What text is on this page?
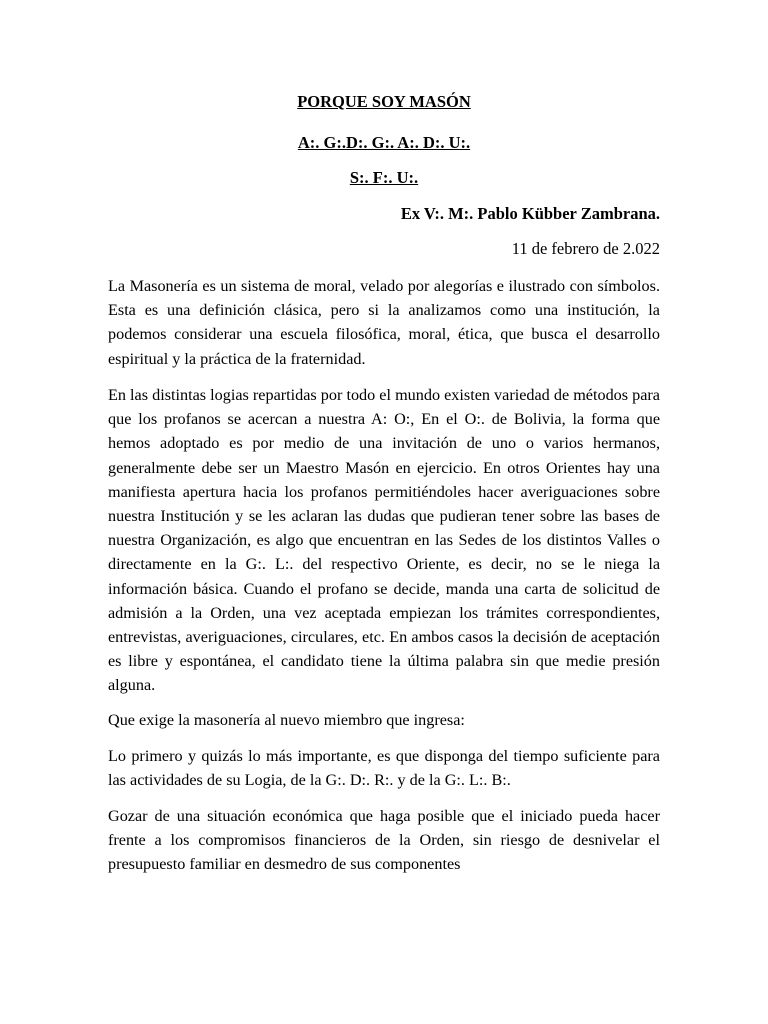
PORQUE SOY MASÓN
A:. G:.D:. G:. A:. D:. U:.
S:. F:. U:.
Ex V:. M:. Pablo Kübber Zambrana.
11 de febrero de 2.022

La Masonería es un sistema de moral, velado por alegorías e ilustrado con símbolos. Esta es una definición clásica, pero si la analizamos como una institución, la podemos considerar una escuela filosófica, moral, ética, que busca el desarrollo espiritual y la práctica de la fraternidad.

En las distintas logias repartidas por todo el mundo existen variedad de métodos para que los profanos se acercan a nuestra A: O:, En el O:. de Bolivia, la forma que hemos adoptado es por medio de una invitación de uno o varios hermanos, generalmente debe ser un Maestro Masón en ejercicio. En otros Orientes hay una manifiesta apertura hacia los profanos permitiéndoles hacer averiguaciones sobre nuestra Institución y se les aclaran las dudas que pudieran tener sobre las bases de nuestra Organización, es algo que encuentran en las Sedes de los distintos Valles o directamente en la G:. L:. del respectivo Oriente, es decir, no se le niega la información básica. Cuando el profano se decide, manda una carta de solicitud de admisión a la Orden, una vez aceptada empiezan los trámites correspondientes, entrevistas, averiguaciones, circulares, etc. En ambos casos la decisión de aceptación es libre y espontánea, el candidato tiene la última palabra sin que medie presión alguna.

Que exige la masonería al nuevo miembro que ingresa:

Lo primero y quizás lo más importante, es que disponga del tiempo suficiente para las actividades de su Logia, de la G:. D:. R:. y de la G:. L:. B:.

Gozar de una situación económica que haga posible que el iniciado pueda hacer frente a los compromisos financieros de la Orden, sin riesgo de desnivelar el presupuesto familiar en desmedro de sus componentes
